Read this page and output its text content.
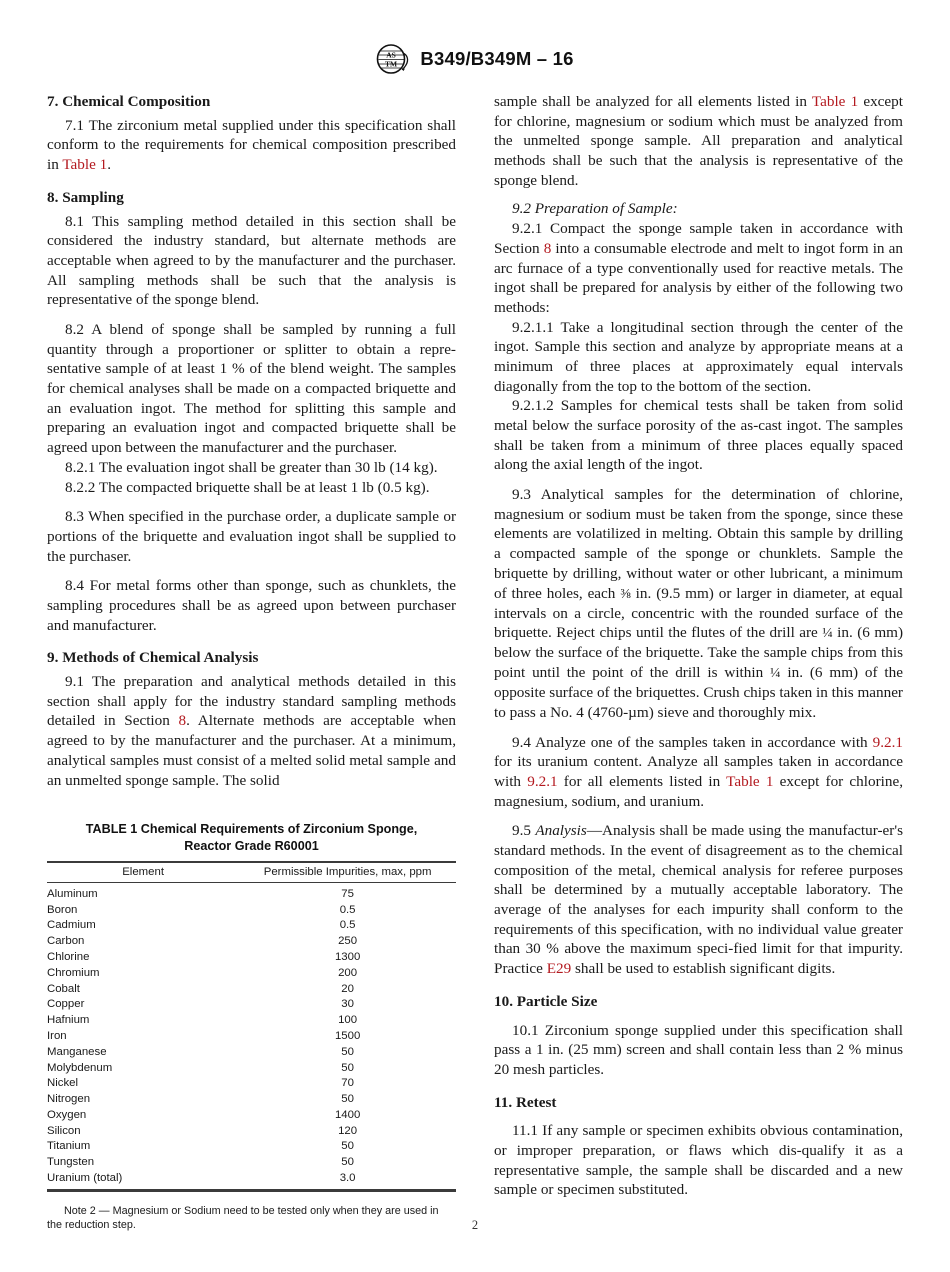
AS
TM B349/B349M – 16
7. Chemical Composition

7.1 The zirconium metal supplied under this specification shall conform to the requirements for chemical composition prescribed in Table 1.

8. Sampling

8.1 This sampling method detailed in this section shall be considered the industry standard, but alternate methods are acceptable when agreed to by the manufacturer and the purchaser. All sampling methods shall be such that the analysis is representative of the sponge blend.

8.2 A blend of sponge shall be sampled by running a full quantity through a proportioner or splitter to obtain a repre-sentative sample of at least 1 % of the blend weight. The samples for chemical analyses shall be made on a compacted briquette and an evaluation ingot. The method for splitting this sample and preparing an evaluation ingot and compacted briquette shall be agreed upon between the manufacturer and the purchaser.

8.2.1 The evaluation ingot shall be greater than 30 lb (14 kg).

8.2.2 The compacted briquette shall be at least 1 lb (0.5 kg).

8.3 When specified in the purchase order, a duplicate sample or portions of the briquette and evaluation ingot shall be supplied to the purchaser.

8.4 For metal forms other than sponge, such as chunklets, the sampling procedures shall be as agreed upon between purchaser and manufacturer.

9. Methods of Chemical Analysis

9.1 The preparation and analytical methods detailed in this section shall apply for the industry standard sampling methods detailed in Section 8. Alternate methods are acceptable when agreed to by the manufacturer and the purchaser. At a minimum, analytical samples must consist of a melted solid metal sample and an unmelted sponge sample. The solid

TABLE 1 Chemical Requirements of Zirconium Sponge,
Reactor Grade R60001
Element	Permissible Impurities, max, ppm
Aluminum	75
Boron	0.5
Cadmium	0.5
Carbon	250
Chlorine	1300
Chromium	200
Cobalt	20
Copper	30
Hafnium	100
Iron	1500
Manganese	50
Molybdenum	50
Nickel	70
Nitrogen	50
Oxygen	1400
Silicon	120
Titanium	50
Tungsten	50
Uranium (total)	3.0

Note 2 — Magnesium or Sodium need to be tested only when they are used in the reduction step.

sample shall be analyzed for all elements listed in Table 1 except for chlorine, magnesium or sodium which must be analyzed from the unmelted sponge sample. All preparation and analytical methods shall be such that the analysis is representative of the sponge blend.

9.2 Preparation of Sample:

9.2.1 Compact the sponge sample taken in accordance with Section 8 into a consumable electrode and melt to ingot form in an arc furnace of a type conventionally used for reactive metals. The ingot shall be prepared for analysis by either of the following two methods:

9.2.1.1 Take a longitudinal section through the center of the ingot. Sample this section and analyze by appropriate means at a minimum of three places at approximately equal intervals diagonally from the top to the bottom of the section.

9.2.1.2 Samples for chemical tests shall be taken from solid metal below the surface porosity of the as-cast ingot. The samples shall be taken from a minimum of three places equally spaced along the axial length of the ingot.

9.3 Analytical samples for the determination of chlorine, magnesium or sodium must be taken from the sponge, since these elements are volatilized in melting. Obtain this sample by drilling a compacted sample of the sponge or chunklets. Sample the briquette by drilling, without water or other lubricant, a minimum of three holes, each ⅜ in. (9.5 mm) or larger in diameter, at equal intervals on a circle, concentric with the rounded surface of the briquette. Reject chips until the flutes of the drill are ¼ in. (6 mm) below the surface of the briquette. Take the sample chips from this point until the point of the drill is within ¼ in. (6 mm) of the opposite surface of the briquettes. Crush chips taken in this manner to pass a No. 4 (4760-µm) sieve and thoroughly mix.

9.4 Analyze one of the samples taken in accordance with 9.2.1 for its uranium content. Analyze all samples taken in accordance with 9.2.1 for all elements listed in Table 1 except for chlorine, magnesium, sodium, and uranium.

9.5 Analysis—Analysis shall be made using the manufactur-er's standard methods. In the event of disagreement as to the chemical composition of the metal, chemical analysis for referee purposes shall be determined by a mutually acceptable laboratory. The average of the analyses for each impurity shall conform to the requirements of this specification, with no individual value greater than 30 % above the maximum speci-fied limit for that impurity. Practice E29 shall be used to establish significant digits.

10. Particle Size

10.1 Zirconium sponge supplied under this specification shall pass a 1 in. (25 mm) screen and shall contain less than 2 % minus 20 mesh particles.

11. Retest

11.1 If any sample or specimen exhibits obvious contamination, or improper preparation, or flaws which dis-qualify it as a representative sample, the sample shall be discarded and a new sample or specimen substituted.

2
